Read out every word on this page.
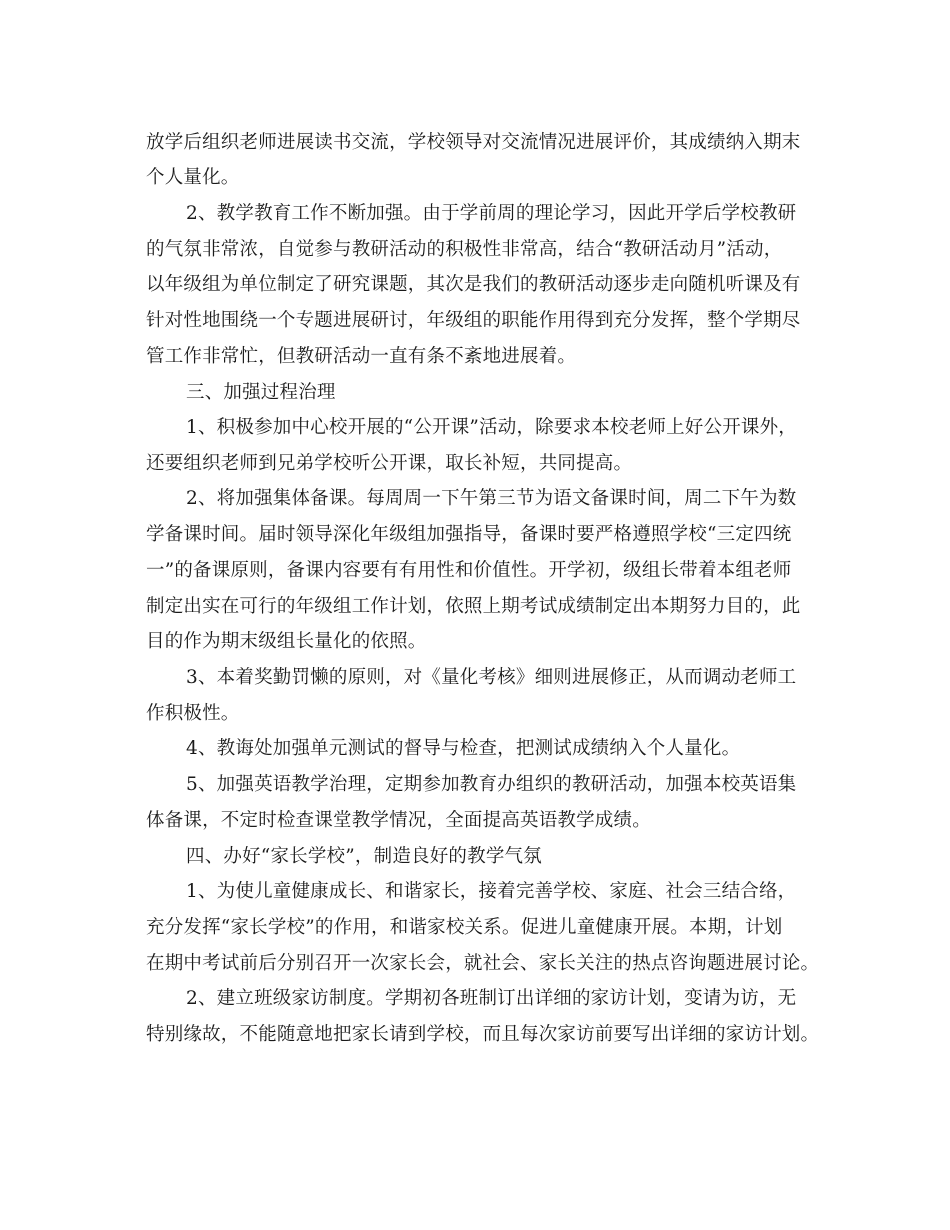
放学后组织老师进展读书交流，学校领导对交流情况进展评价，其成绩纳入期末
个人量化。
2、教学教育工作不断加强。由于学前周的理论学习，因此开学后学校教研
的气氛非常浓，自觉参与教研活动的积极性非常高，结合“教研活动月”活动，
以年级组为单位制定了研究课题，其次是我们的教研活动逐步走向随机听课及有
针对性地围绕一个专题进展研讨，年级组的职能作用得到充分发挥，整个学期尽
管工作非常忙，但教研活动一直有条不紊地进展着。
三、加强过程治理
1、积极参加中心校开展的“公开课”活动，除要求本校老师上好公开课外，
还要组织老师到兄弟学校听公开课，取长补短，共同提高。
2、将加强集体备课。每周周一下午第三节为语文备课时间，周二下午为数
学备课时间。届时领导深化年级组加强指导，备课时要严格遵照学校“三定四统
一”的备课原则，备课内容要有有用性和价值性。开学初，级组长带着本组老师
制定出实在可行的年级组工作计划，依照上期考试成绩制定出本期努力目的，此
目的作为期末级组长量化的依照。
3、本着奖勤罚懒的原则，对《量化考核》细则进展修正，从而调动老师工
作积极性。
4、教诲处加强单元测试的督导与检查，把测试成绩纳入个人量化。
5、加强英语教学治理，定期参加教育办组织的教研活动，加强本校英语集
体备课，不定时检查课堂教学情况，全面提高英语教学成绩。
四、办好“家长学校”，制造良好的教学气氛
1、为使儿童健康成长、和谐家长，接着完善学校、家庭、社会三结合络，
充分发挥“家长学校”的作用，和谐家校关系。促进儿童健康开展。本期，计划
在期中考试前后分别召开一次家长会，就社会、家长关注的热点咨询题进展讨论。
2、建立班级家访制度。学期初各班制订出详细的家访计划，变请为访，无
特别缘故，不能随意地把家长请到学校，而且每次家访前要写出详细的家访计划。
